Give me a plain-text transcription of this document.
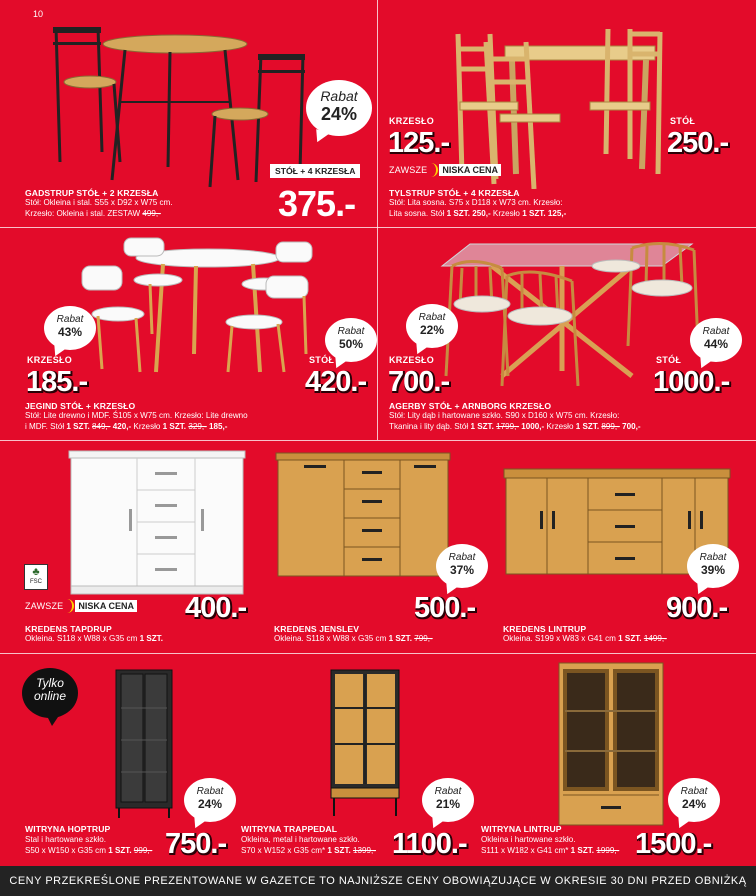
10
Rabat
24%
STÓŁ + 4 KRZESŁA
375.-
GADSTRUP STÓŁ + 2 KRZESŁA
Stół: Okleina i stal. S55 x D92 x W75 cm.
Krzesło: Okleina i stal. ZESTAW 499,-
KRZESŁO
125.-
STÓŁ
250.-
ZAWSZE	NISKA CENA
TYLSTRUP STÓŁ + 4 KRZESŁA
Stół: Lita sosna. S75 x D118 x W73 cm. Krzesło:
Lita sosna. Stół 1 SZT. 250,- Krzesło 1 SZT. 125,-
Rabat
43%	Rabat
50%
KRZESŁO
185.-
STÓŁ
420.-
JEGIND STÓŁ + KRZESŁO
Stół: Lite drewno i MDF. Ś105 x W75 cm. Krzesło: Lite drewno
i MDF. Stół 1 SZT. 849,- 420,- Krzesło 1 SZT. 329,- 185,-
Rabat
22%	Rabat
44%
KRZESŁO
700.-
STÓŁ
1000.-
AGERBY STÓŁ + ARNBORG KRZESŁO
Stół: Lity dąb i hartowane szkło. S90 x D160 x W75 cm. Krzesło:
Tkanina i lity dąb. Stół 1 SZT. 1799,- 1000,- Krzesło 1 SZT. 899,- 700,-
♣
FSC
ZAWSZE	NISKA CENA 400.-
KREDENS TAPDRUP
Okleina. S118 x W88 x G35 cm 1 SZT.
Rabat
37%
500.-
KREDENS JENSLEV
Okleina. S118 x W88 x G35 cm 1 SZT. 799,-
Rabat
39%
900.-
KREDENS LINTRUP
Okleina. S199 x W83 x G41 cm 1 SZT. 1499,-
Tylko
online
Rabat
24%
750.-
WITRYNA HOPTRUP
Stal i hartowane szkło.
S50 x W150 x G35 cm 1 SZT. 999,-
Rabat
21%
1100.-
WITRYNA TRAPPEDAL
Okleina, metal i hartowane szkło.
S70 x W152 x G35 cm* 1 SZT. 1399,-
Rabat
24%
1500.-
WITRYNA LINTRUP
Okleina i hartowane szkło.
S111 x W182 x G41 cm* 1 SZT. 1999,-
CENY PRZEKREŚLONE PREZENTOWANE W GAZETCE TO NAJNIŻSZE CENY OBOWIĄZUJĄCE W OKRESIE 30 DNI PRZED OBNIŻKĄ
